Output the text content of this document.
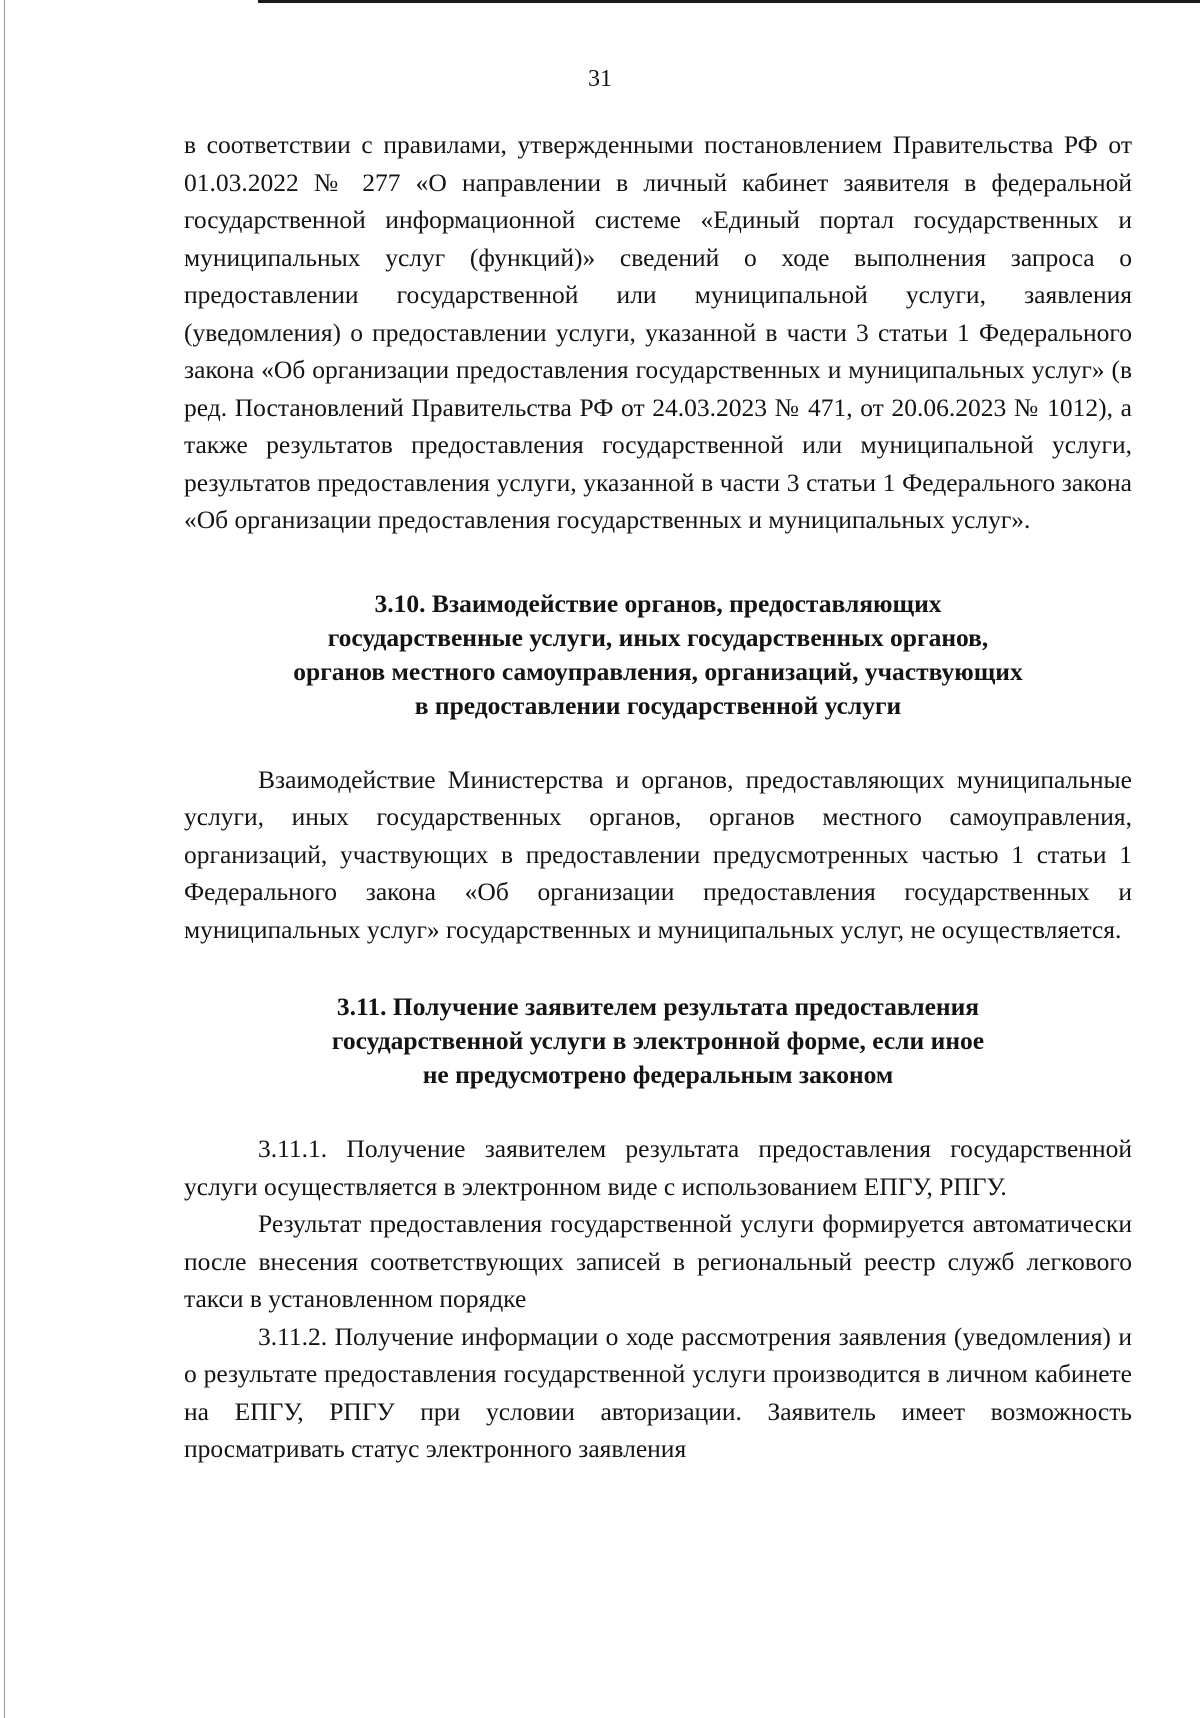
31

в соответствии с правилами, утвержденными постановлением Правительства РФ от 01.03.2022 № 277 «О направлении в личный кабинет заявителя в федеральной государственной информационной системе «Единый портал государственных и муниципальных услуг (функций)» сведений о ходе выполнения запроса о предоставлении государственной или муниципальной услуги, заявления (уведомления) о предоставлении услуги, указанной в части 3 статьи 1 Федерального закона «Об организации предоставления государственных и муниципальных услуг» (в ред. Постановлений Правительства РФ от 24.03.2023 № 471, от 20.06.2023 № 1012), а также результатов предоставления государственной или муниципальной услуги, результатов предоставления услуги, указанной в части 3 статьи 1 Федерального закона «Об организации предоставления государственных и муниципальных услуг».

3.10. Взаимодействие органов, предоставляющих
государственные услуги, иных государственных органов,
органов местного самоуправления, организаций, участвующих
в предоставлении государственной услуги

Взаимодействие Министерства и органов, предоставляющих муниципальные услуги, иных государственных органов, органов местного самоуправления, организаций, участвующих в предоставлении предусмотренных частью 1 статьи 1 Федерального закона «Об организации предоставления государственных и муниципальных услуг» государственных и муниципальных услуг, не осуществляется.

3.11. Получение заявителем результата предоставления
государственной услуги в электронной форме, если иное
не предусмотрено федеральным законом

3.11.1. Получение заявителем результата предоставления государственной услуги осуществляется в электронном виде с использованием ЕПГУ, РПГУ.

Результат предоставления государственной услуги формируется автоматически после внесения соответствующих записей в региональный реестр служб легкового такси в установленном порядке

3.11.2. Получение информации о ходе рассмотрения заявления (уведомления) и о результате предоставления государственной услуги производится в личном кабинете на ЕПГУ, РПГУ при условии авторизации. Заявитель имеет возможность просматривать статус электронного заявления
